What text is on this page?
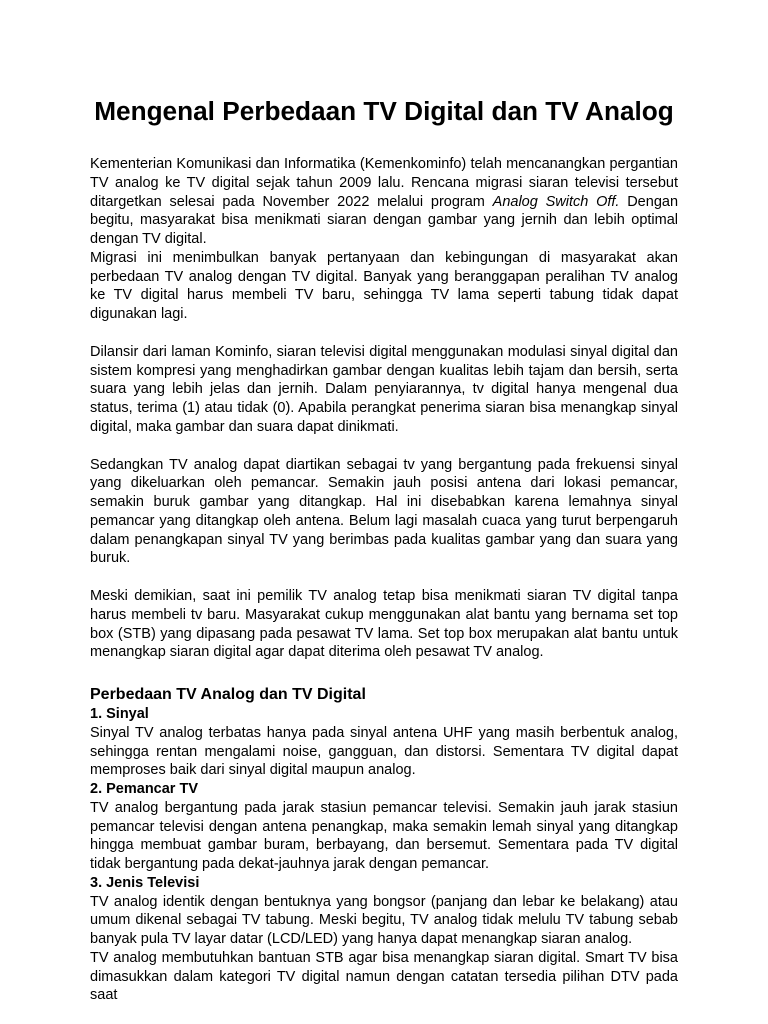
Mengenal Perbedaan TV Digital dan TV Analog

Kementerian Komunikasi dan Informatika (Kemenkominfo) telah mencanangkan pergantian TV analog ke TV digital sejak tahun 2009 lalu. Rencana migrasi siaran televisi tersebut ditargetkan selesai pada November 2022 melalui program Analog Switch Off. Dengan begitu, masyarakat bisa menikmati siaran dengan gambar yang jernih dan lebih optimal dengan TV digital.

Migrasi ini menimbulkan banyak pertanyaan dan kebingungan di masyarakat akan perbedaan TV analog dengan TV digital. Banyak yang beranggapan peralihan TV analog ke TV digital harus membeli TV baru, sehingga TV lama seperti tabung tidak dapat digunakan lagi.

Dilansir dari laman Kominfo, siaran televisi digital menggunakan modulasi sinyal digital dan sistem kompresi yang menghadirkan gambar dengan kualitas lebih tajam dan bersih, serta suara yang lebih jelas dan jernih. Dalam penyiarannya, tv digital hanya mengenal dua status, terima (1) atau tidak (0). Apabila perangkat penerima siaran bisa menangkap sinyal digital, maka gambar dan suara dapat dinikmati.

Sedangkan TV analog dapat diartikan sebagai tv yang bergantung pada frekuensi sinyal yang dikeluarkan oleh pemancar. Semakin jauh posisi antena dari lokasi pemancar, semakin buruk gambar yang ditangkap. Hal ini disebabkan karena lemahnya sinyal pemancar yang ditangkap oleh antena. Belum lagi masalah cuaca yang turut berpengaruh dalam penangkapan sinyal TV yang berimbas pada kualitas gambar yang dan suara yang buruk.

Meski demikian, saat ini pemilik TV analog tetap bisa menikmati siaran TV digital tanpa harus membeli tv baru. Masyarakat cukup menggunakan alat bantu yang bernama set top box (STB) yang dipasang pada pesawat TV lama. Set top box merupakan alat bantu untuk menangkap siaran digital agar dapat diterima oleh pesawat TV analog.

Perbedaan TV Analog dan TV Digital
1. Sinyal

Sinyal TV analog terbatas hanya pada sinyal antena UHF yang masih berbentuk analog, sehingga rentan mengalami noise, gangguan, dan distorsi. Sementara TV digital dapat memproses baik dari sinyal digital maupun analog.

2. Pemancar TV

TV analog bergantung pada jarak stasiun pemancar televisi. Semakin jauh jarak stasiun pemancar televisi dengan antena penangkap, maka semakin lemah sinyal yang ditangkap hingga membuat gambar buram, berbayang, dan bersemut. Sementara pada TV digital tidak bergantung pada dekat-jauhnya jarak dengan pemancar.

3. Jenis Televisi

TV analog identik dengan bentuknya yang bongsor (panjang dan lebar ke belakang) atau umum dikenal sebagai TV tabung. Meski begitu, TV analog tidak melulu TV tabung sebab banyak pula TV layar datar (LCD/LED) yang hanya dapat menangkap siaran analog.

TV analog membutuhkan bantuan STB agar bisa menangkap siaran digital. Smart TV bisa dimasukkan dalam kategori TV digital namun dengan catatan tersedia pilihan DTV pada saat
